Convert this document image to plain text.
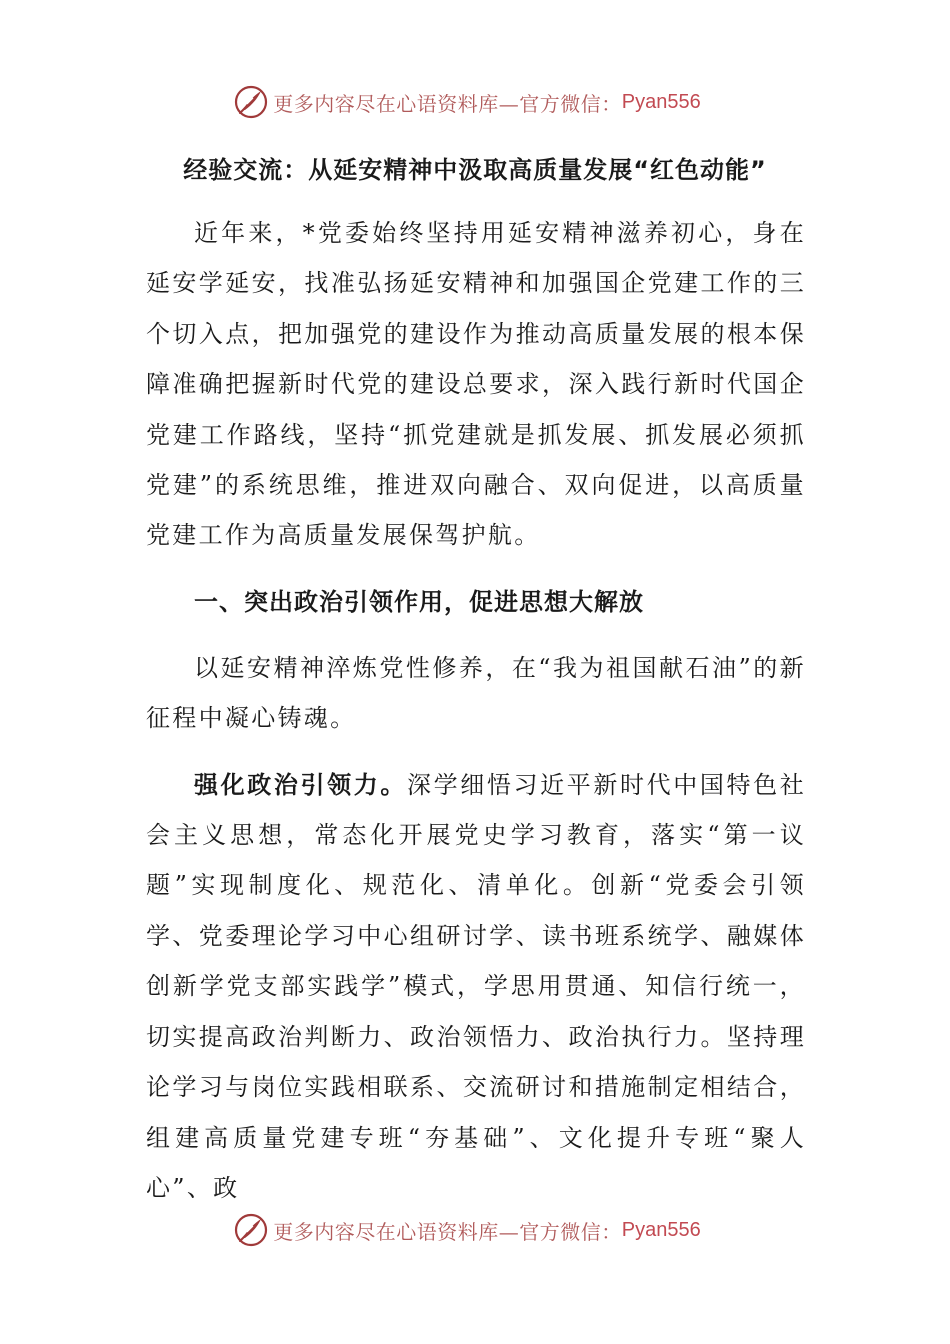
更多内容尽在心语资料库—官方微信： Pyan556
经验交流：从延安精神中汲取高质量发展“红色动能”

近年来，*党委始终坚持用延安精神滋养初心，身在延安学延安，找准弘扬延安精神和加强国企党建工作的三个切入点，把加强党的建设作为推动高质量发展的根本保障准确把握新时代党的建设总要求，深入践行新时代国企党建工作路线，坚持“抓党建就是抓发展、抓发展必须抓党建”的系统思维，推进双向融合、双向促进，以高质量党建工作为高质量发展保驾护航。

一、突出政治引领作用，促进思想大解放

以延安精神淬炼党性修养，在“我为祖国献石油”的新征程中凝心铸魂。

强化政治引领力。深学细悟习近平新时代中国特色社会主义思想，常态化开展党史学习教育，落实“第一议题”实现制度化、规范化、清单化。创新“党委会引领学、党委理论学习中心组研讨学、读书班系统学、融媒体创新学党支部实践学”模式，学思用贯通、知信行统一，切实提高政治判断力、政治领悟力、政治执行力。坚持理论学习与岗位实践相联系、交流研讨和措施制定相结合，组建高质量党建专班“夯基础”、文化提升专班“聚人心”、政

更多内容尽在心语资料库—官方微信： Pyan556
